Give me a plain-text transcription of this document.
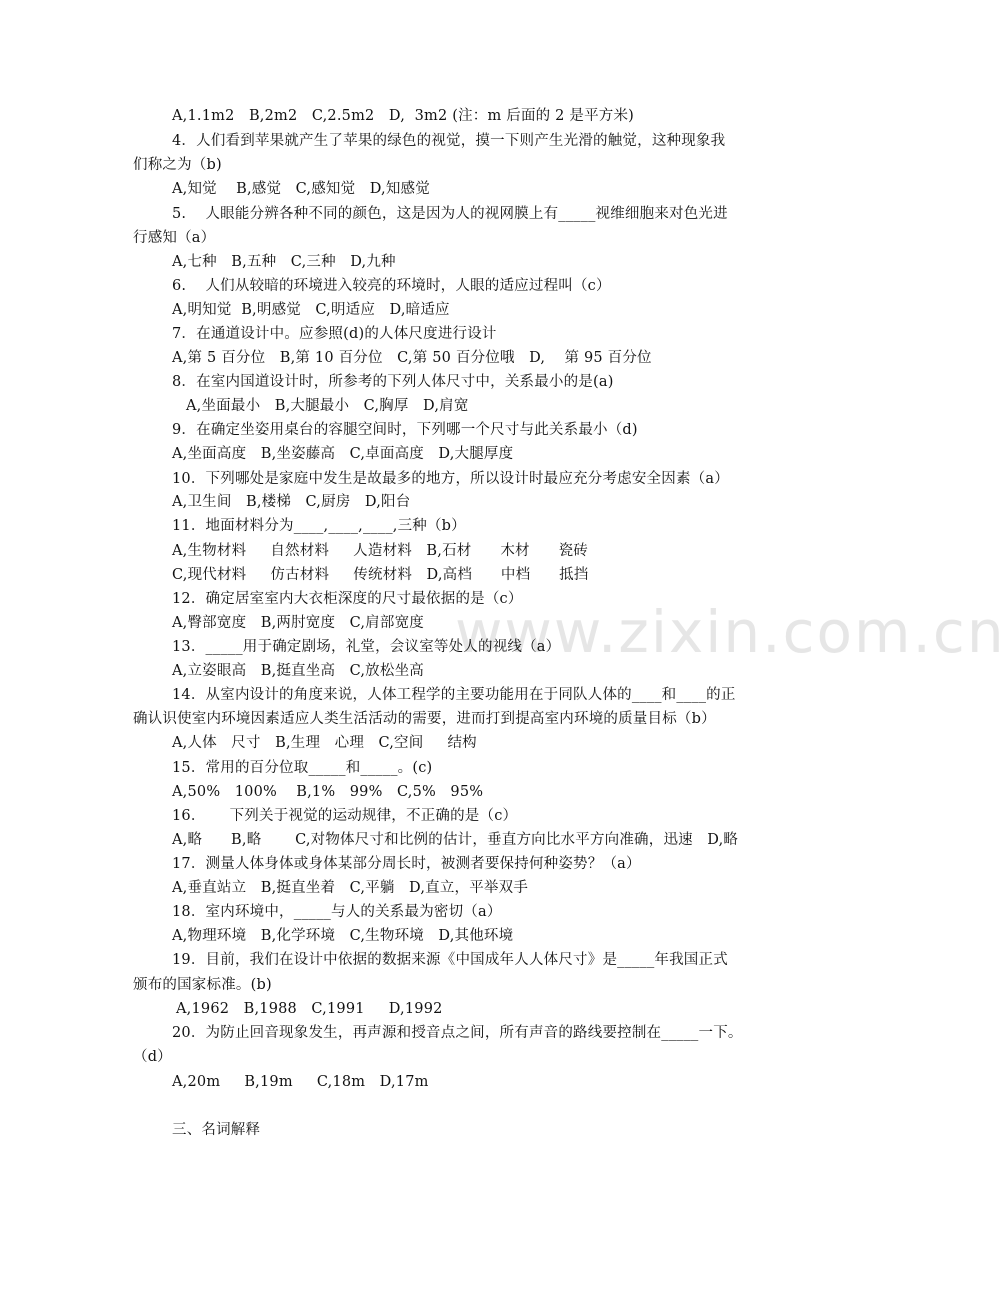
www.zixin.com.cn
A,1.1m2   B,2m2   C,2.5m2   D,  3m2 (注：m 后面的 2 是平方米)
4．人们看到苹果就产生了苹果的绿色的视觉，摸一下则产生光滑的触觉，这种现象我
们称之为（b)
A,知觉    B,感觉   C,感知觉   D,知感觉
5.    人眼能分辨各种不同的颜色，这是因为人的视网膜上有_____视维细胞来对色光进
行感知（a）
A,七种   B,五种   C,三种   D,九种
6.    人们从较暗的环境进入较亮的环境时，人眼的适应过程叫（c）
A,明知觉  B,明感觉   C,明适应   D,暗适应
7．在通道设计中。应参照(d)的人体尺度进行设计
A,第 5 百分位   B,第 10 百分位   C,第 50 百分位哦   D,    第 95 百分位
8．在室内国道设计时，所参考的下列人体尺寸中，关系最小的是(a)
A,坐面最小   B,大腿最小   C,胸厚   D,肩宽
9．在确定坐姿用桌台的容腿空间时，下列哪一个尺寸与此关系最小（d)
A,坐面高度   B,坐姿藤高   C,卓面高度   D,大腿厚度
10．下列哪处是家庭中发生是故最多的地方，所以设计时最应充分考虑安全因素（a）
A,卫生间   B,楼梯   C,厨房   D,阳台
11．地面材料分为____,____,____,三种（b）
A,生物材料     自然材料     人造材料   B,石材      木材      瓷砖
C,现代材料     仿古材料     传统材料   D,高档      中档      抵挡
12．确定居室室内大衣柜深度的尺寸最依据的是（c）
A,臀部宽度   B,两肘宽度   C,肩部宽度
13．_____用于确定剧场，礼堂，会议室等处人的视线（a）
A,立姿眼高   B,挺直坐高   C,放松坐高
14．从室内设计的角度来说，人体工程学的主要功能用在于同队人体的____和____的正
确认识使室内环境因素适应人类生活活动的需要，进而打到提高室内环境的质量目标（b）
A,人体   尺寸   B,生理   心理   C,空间     结构
15．常用的百分位取_____和_____。(c)
A,50%   100%    B,1%   99%   C,5%   95%
16．     下列关于视觉的运动规律，不正确的是（c）
A,略      B,略       C,对物体尺寸和比例的估计，垂直方向比水平方向准确，迅速   D,略
17．测量人体身体或身体某部分周长时，被测者要保持何种姿势？（a）
A,垂直站立   B,挺直坐着   C,平躺   D,直立，平举双手
18．室内环境中，_____与人的关系最为密切（a）
A,物理环境   B,化学环境   C,生物环境   D,其他环境
19．目前，我们在设计中依据的数据来源《中国成年人人体尺寸》是_____年我国正式
颁布的国家标准。(b)
A,1962   B,1988   C,1991     D,1992
20．为防止回音现象发生，再声源和授音点之间，所有声音的路线要控制在_____一下。
（d）
A,20m     B,19m     C,18m   D,17m
三、名词解释
